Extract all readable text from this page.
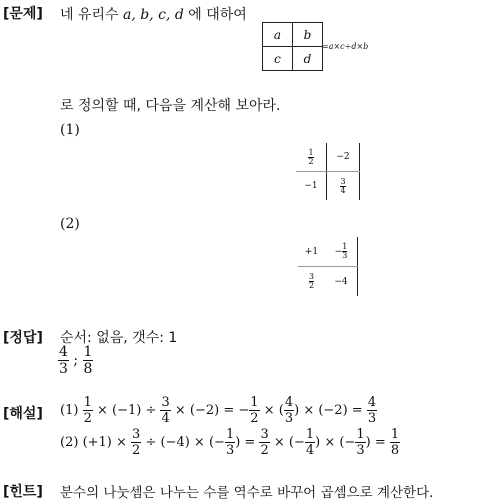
[문제] 네 유리수 a, b, c, d 에 대하여
a	b
c	d
=a×c÷d×b
로 정의할 때, 다음을 계산해 보아라.
(1)
$\frac{1}{2}$	−2
−1	$\frac{3}{4}$
(2)
+1	− $\frac{1}{3}$

$\frac{3}{2}$	−4
[정답] 순서: 없음, 갯수: 1
$\frac{4}{3}$ ; $\frac{1}{8}$
[해설] $(1) \frac{1}{2} \times (-1) \div \frac{3}{4} \times (-2)$ = − $\frac{1}{2}$ × ( $\frac{4}{3}$ ) × $(-2) = \frac{4}{3}$
(2) $(+1) \times \frac{3}{2} \div (-4)$ × (− $\frac{1}{3}$ ) = $\frac{3}{2}$ × (− $\frac{1}{4}$ ) × (− $\frac{1}{3}$ ) = $\frac{1}{8}$
[힌트] 분수의 나눗셈은 나누는 수를 역수로 바꾸어 곱셈으로 계산한다.
